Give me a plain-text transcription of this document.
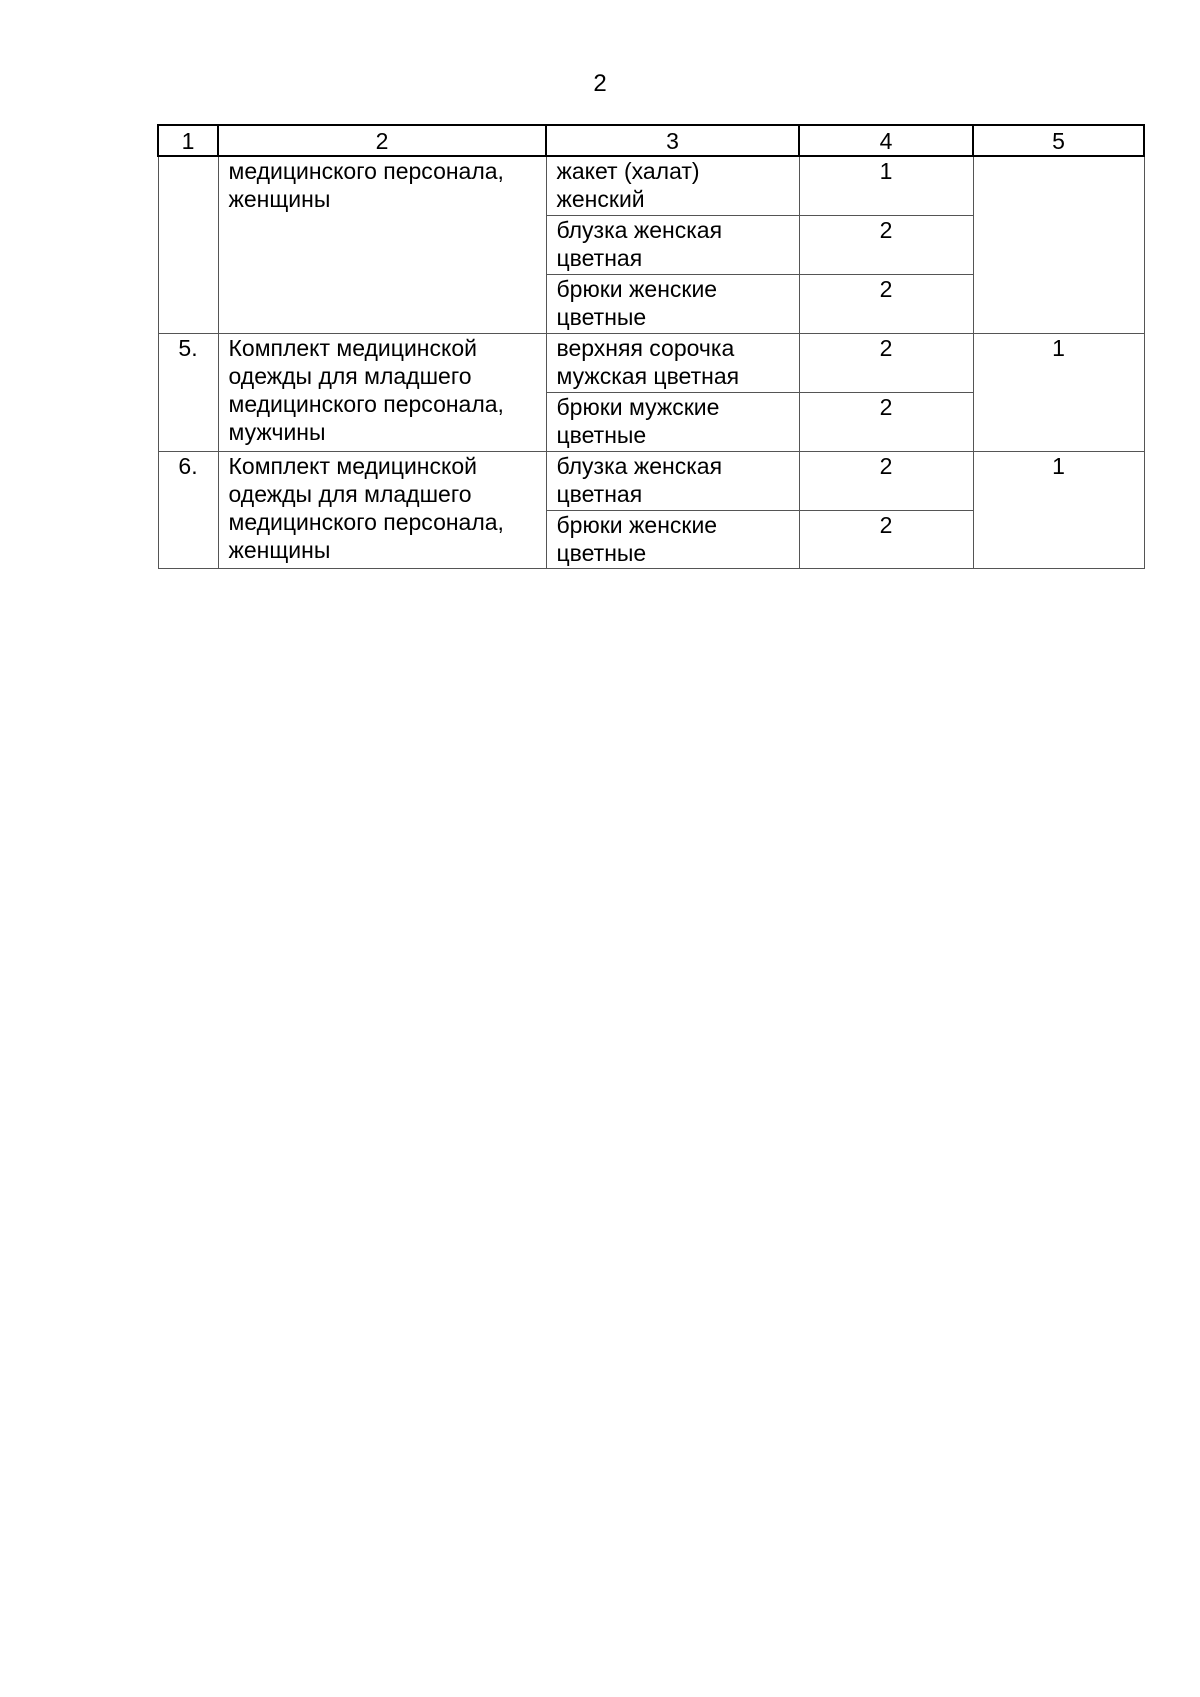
2
1	2	3	4	5
	медицинского персонала, женщины	жакет (халат) женский	1	
		блузка женская цветная	2	
		брюки женские цветные	2	
5.	Комплект медицинской одежды для младшего медицинского персонала, мужчины	верхняя сорочка мужская цветная	2	1
		брюки мужские цветные	2	
6.	Комплект медицинской одежды для младшего медицинского персонала, женщины	блузка женская цветная	2	1
		брюки женские цветные	2	
